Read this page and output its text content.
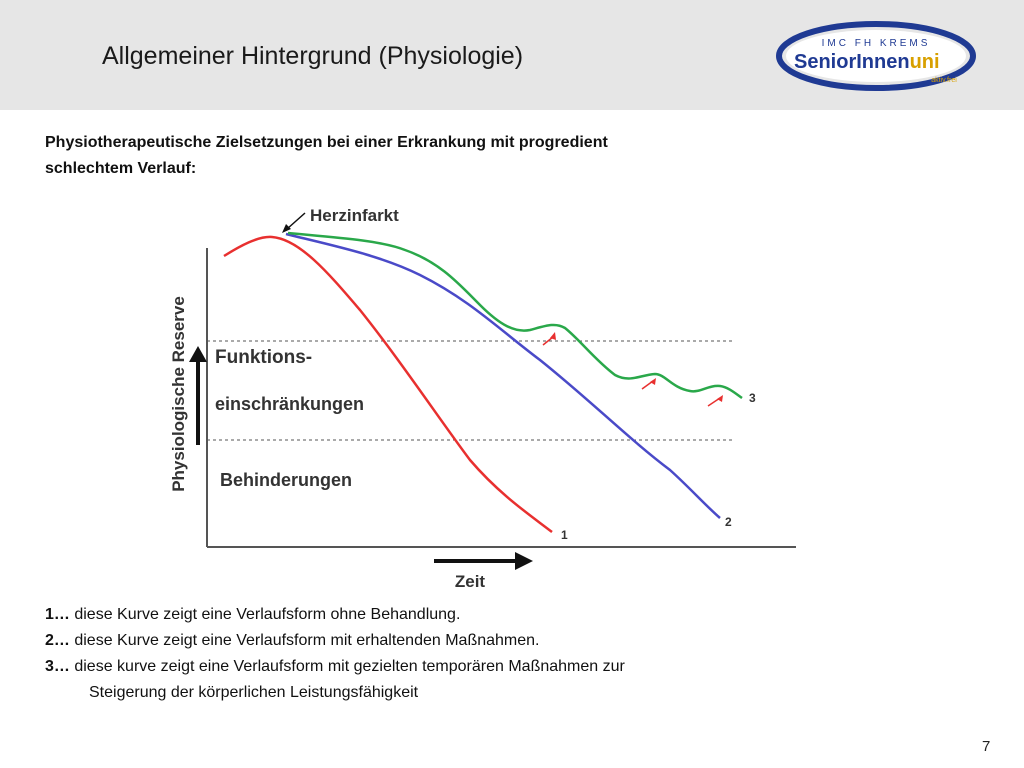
Allgemeiner Hintergrund (Physiologie)	IMC FH KREMS
SeniorInnenuni
aktiv.frei
Physiotherapeutische Zielsetzungen bei einer Erkrankung mit progredient
schlechtem Verlauf:
Physiologische Reserve
Zeit
Funktions-
einschränkungen
Behinderungen
Herzinfarkt
1
2
3
1… diese Kurve zeigt eine Verlaufsform ohne Behandlung.
2… diese Kurve zeigt eine Verlaufsform mit erhaltenden Maßnahmen.
3… diese kurve zeigt eine Verlaufsform mit gezielten temporären Maßnahmen zur
Steigerung der körperlichen Leistungsfähigkeit
7
